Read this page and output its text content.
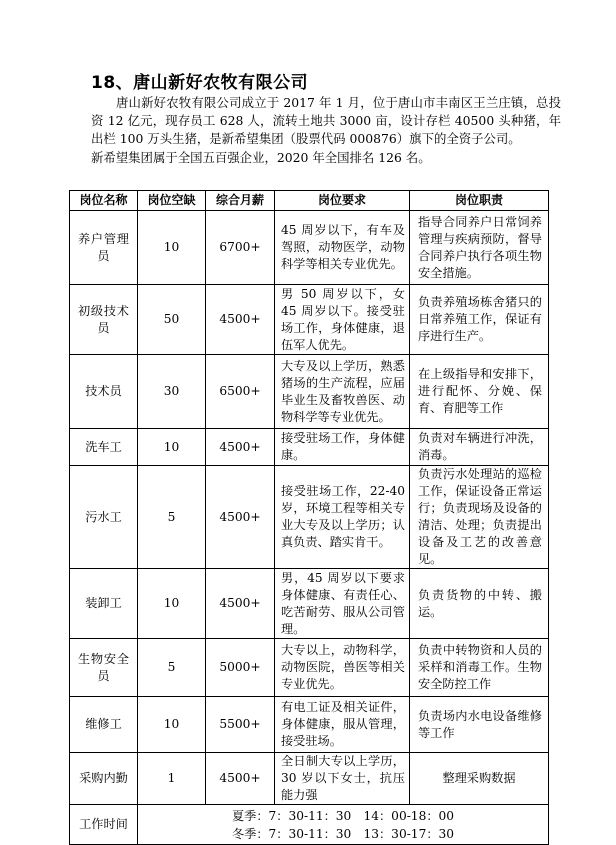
18、唐山新好农牧有限公司

唐山新好农牧有限公司成立于 2017 年 1 月，位于唐山市丰南区王兰庄镇，总投资 12 亿元，现存员工 628 人，流转土地共 3000 亩，设计存栏 40500 头种猪，年出栏 100 万头生猪，是新希望集团（股票代码 000876）旗下的全资子公司。

新希望集团属于全国五百强企业，2020 年全国排名 126 名。

岗位名称	岗位空缺	综合月薪	岗位要求	岗位职责

养户管理员	10	6700+	45 周岁以下，有车及驾照，动物医学，动物科学等相关专业优先。	指导合同养户日常饲养管理与疾病预防，督导合同养户执行各项生物安全措施。

初级技术员	50	4500+	男 50 周岁以下，女 45 周岁以下。接受驻场工作，身体健康，退伍军人优先。	负责养殖场栋舍猪只的日常养殖工作，保证有序进行生产。

技术员	30	6500+	大专及以上学历，熟悉猪场的生产流程，应届毕业生及畜牧兽医、动物科学等专业优先。	在上级指导和安排下，进行配怀、分娩、保育、育肥等工作

洗车工	10	4500+	接受驻场工作，身体健康。	负责对车辆进行冲洗，消毒。

污水工	5	4500+	接受驻场工作，22-40 岁，环境工程等相关专业大专及以上学历；认真负责、踏实肯干。	负责污水处理站的巡检工作，保证设备正常运行；负责现场及设备的清洁、处理；负责提出设备及工艺的改善意见。

装卸工	10	4500+	男，45 周岁以下要求身体健康、有责任心、吃苦耐劳、服从公司管理。	负责货物的中转、搬运。

生物安全员	5	5000+	大专以上，动物科学，动物医院，兽医等相关专业优先。	负责中转物资和人员的采样和消毒工作。生物安全防控工作

维修工	10	5500+	有电工证及相关证件，身体健康，服从管理，接受驻场。	负责场内水电设备维修等工作

采购内勤	1	4500+	全日制大专以上学历，30 岁以下女士，抗压能力强	整理采购数据
工作时间	夏季：7：30-11：30　14：00-18：00
冬季：7：30-11：30　13：30-17：30			
